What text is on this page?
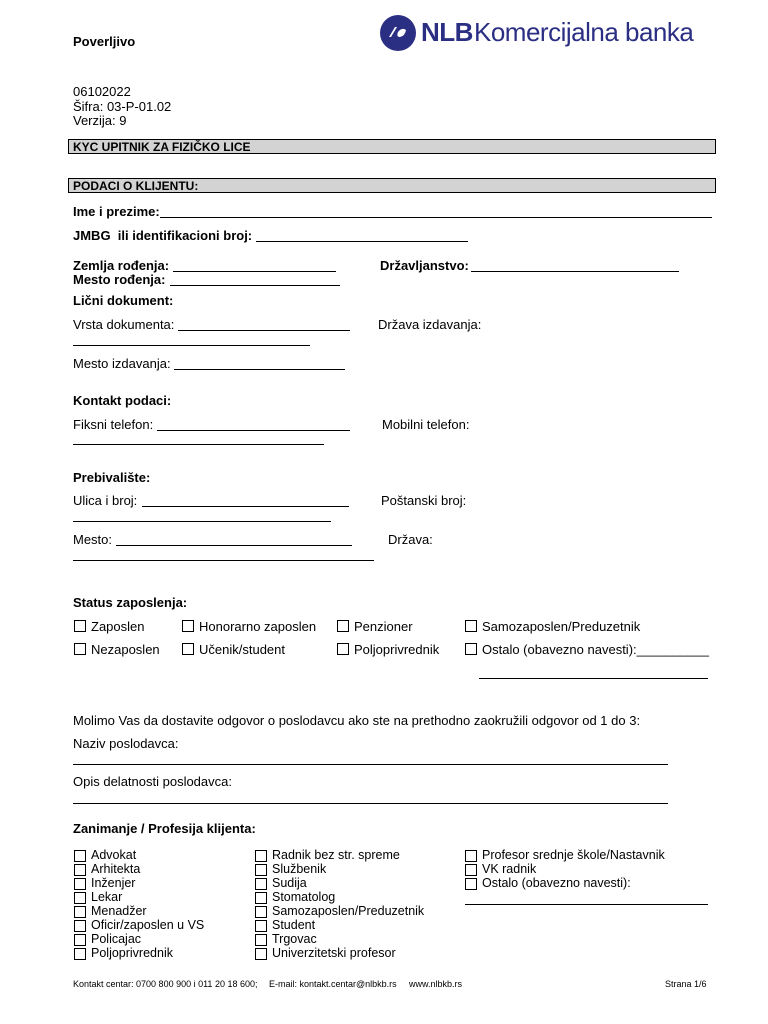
Poverljivo	NLB Komercijalna banka
06102022
Šifra: 03-P-01.02
Verzija: 9
KYC UPITNIK ZA FIZIČKO LICE
PODACI O KLIJENTU:
Ime i prezime:
JMBG ili identifikacioni broj:
Zemlja rođenja:	Državljanstvo:
Mesto rođenja:
Lični dokument:
Vrsta dokumenta:	Država izdavanja:
Mesto izdavanja:
Kontakt podaci:
Fiksni telefon:	Mobilni telefon:
Prebivalište:
Ulica i broj:	Poštanski broj:
Mesto:	Država:
Status zaposlenja:
Zaposlen	Honorarno zaposlen	Penzioner	Samozaposlen/Preduzetnik
Nezaposlen	Učenik/student	Poljoprivrednik	Ostalo (obavezno navesti):__________
Molimo Vas da dostavite odgovor o poslodavcu ako ste na prethodno zaokružili odgovor od 1 do 3:
Naziv poslodavca:
Opis delatnosti poslodavca:
Zanimanje / Profesija klijenta:
Advokat
Arhitekta
Inženjer
Lekar
Menadžer
Oficir/zaposlen u VS
Policajac
Poljoprivrednik
Radnik bez str. spreme
Službenik
Sudija
Stomatolog
Samozaposlen/Preduzetnik
Student
Trgovac
Univerzitetski profesor
Profesor srednje škole/Nastavnik
VK radnik
Ostalo (obavezno navesti):
Kontakt centar: 0700 800 900 i 011 20 18 600; E-mail: kontakt.centar@nlbkb.rs www.nlbkb.rs	Strana 1/6
